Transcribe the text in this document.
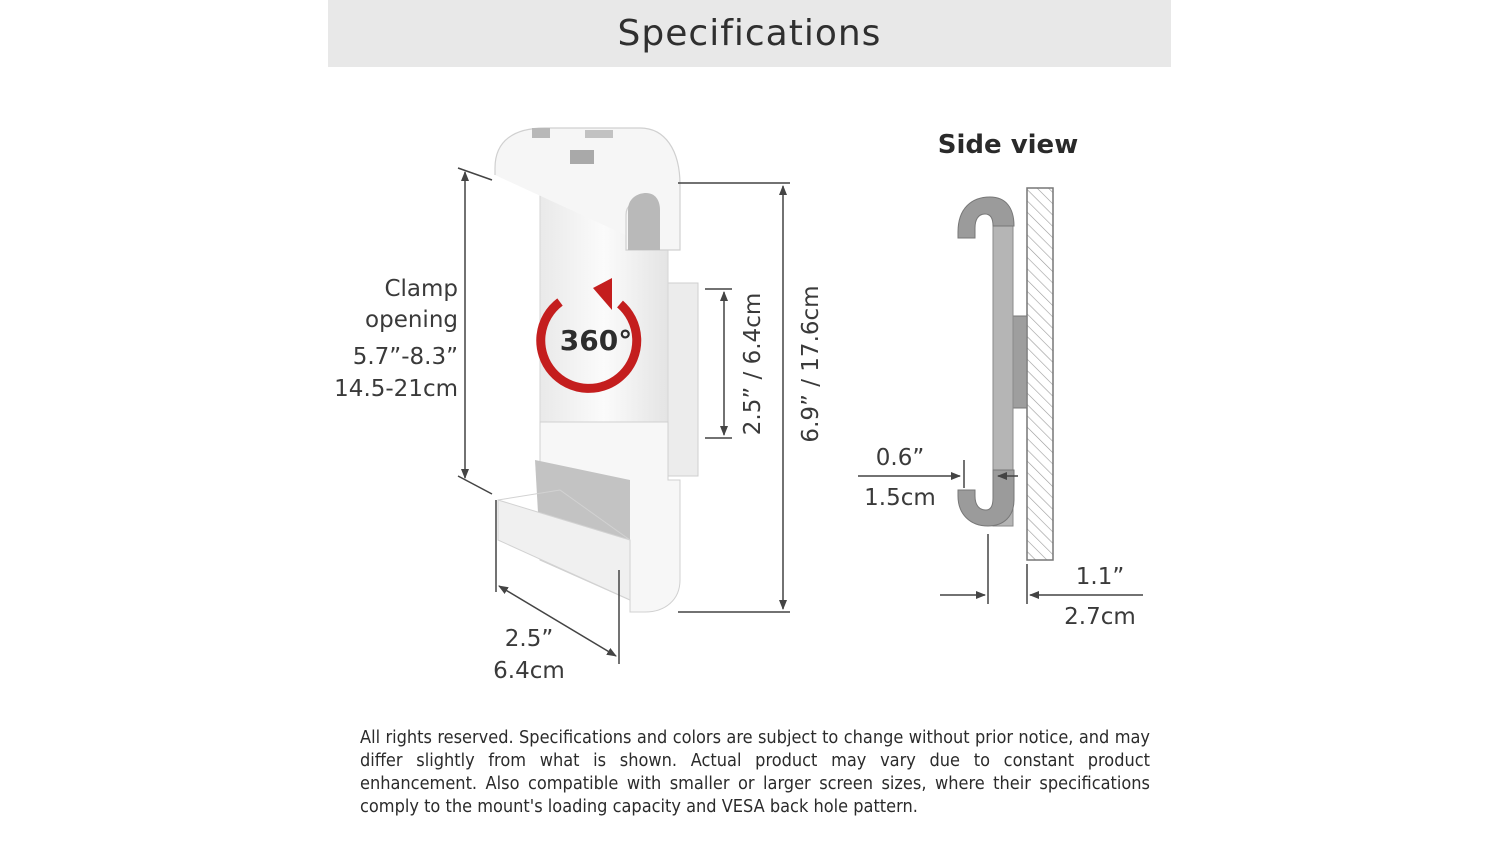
Specifications
360°
Clamp
opening
5.7”-8.3”
14.5-21cm	2.5” / 6.4cm 6.9” / 17.6cm
2.5”
6.4cm
Side view
0.6”
1.5cm
1.1”
2.7cm
All rights reserved. Specifications and colors are subject to change without prior notice, and may differ slightly from what is shown. Actual product may vary due to constant product enhancement. Also compatible with smaller or larger screen sizes, where their specifications comply to the mount's loading capacity and VESA back hole pattern.
